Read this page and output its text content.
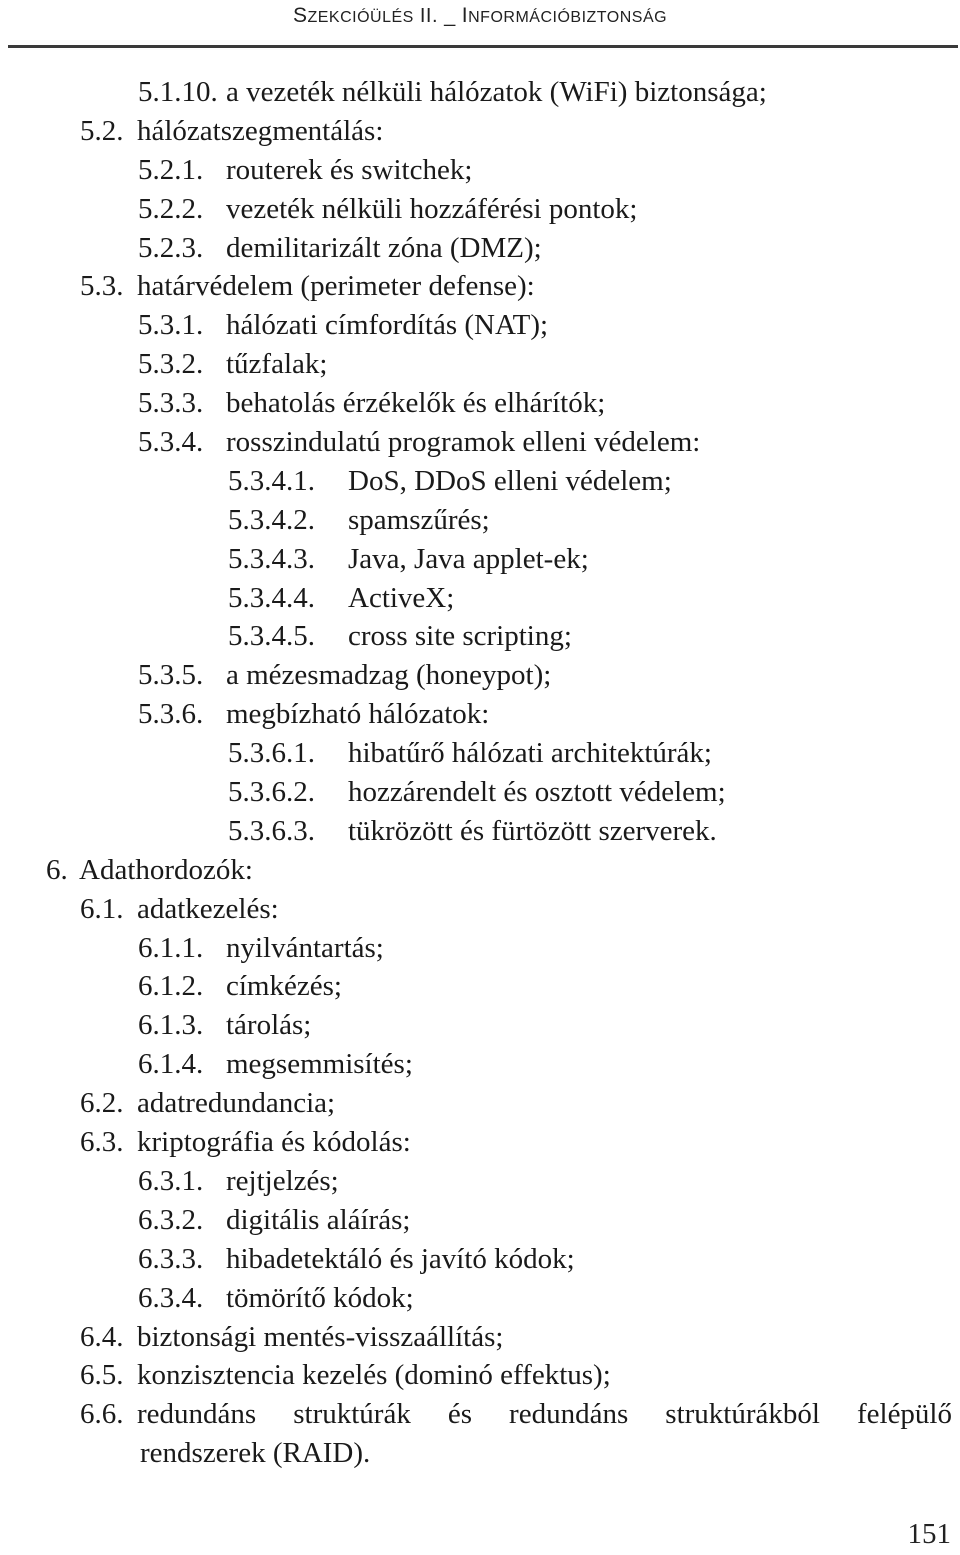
SZEKCIÓÜLÉS II. _ INFORMÁCIÓBIZTONSÁG
5.1.10. a vezeték nélküli hálózatok (WiFi) biztonsága;
5.2. hálózatszegmentálás:
5.2.1. routerek és switchek;
5.2.2. vezeték nélküli hozzáférési pontok;
5.2.3. demilitarizált zóna (DMZ);
5.3. határvédelem (perimeter defense):
5.3.1. hálózati címfordítás (NAT);
5.3.2. tűzfalak;
5.3.3. behatolás érzékelők és elhárítók;
5.3.4. rosszindulatú programok elleni védelem:
5.3.4.1. DoS, DDoS elleni védelem;
5.3.4.2. spamszűrés;
5.3.4.3. Java, Java applet-ek;
5.3.4.4. ActiveX;
5.3.4.5. cross site scripting;
5.3.5. a mézesmadzag (honeypot);
5.3.6. megbízható hálózatok:
5.3.6.1. hibatűrő hálózati architektúrák;
5.3.6.2. hozzárendelt és osztott védelem;
5.3.6.3. tükrözött és fürtözött szerverek.
6. Adathordozók:
6.1. adatkezelés:
6.1.1. nyilvántartás;
6.1.2. címkézés;
6.1.3. tárolás;
6.1.4. megsemmisítés;
6.2. adatredundancia;
6.3. kriptográfia és kódolás:
6.3.1. rejtjelzés;
6.3.2. digitális aláírás;
6.3.3. hibadetektáló és javító kódok;
6.3.4. tömörítő kódok;
6.4. biztonsági mentés-visszaállítás;
6.5. konzisztencia kezelés (dominó effektus);
6.6. redundáns struktúrák és redundáns struktúrákból felépülő
rendszerek (RAID).
151
